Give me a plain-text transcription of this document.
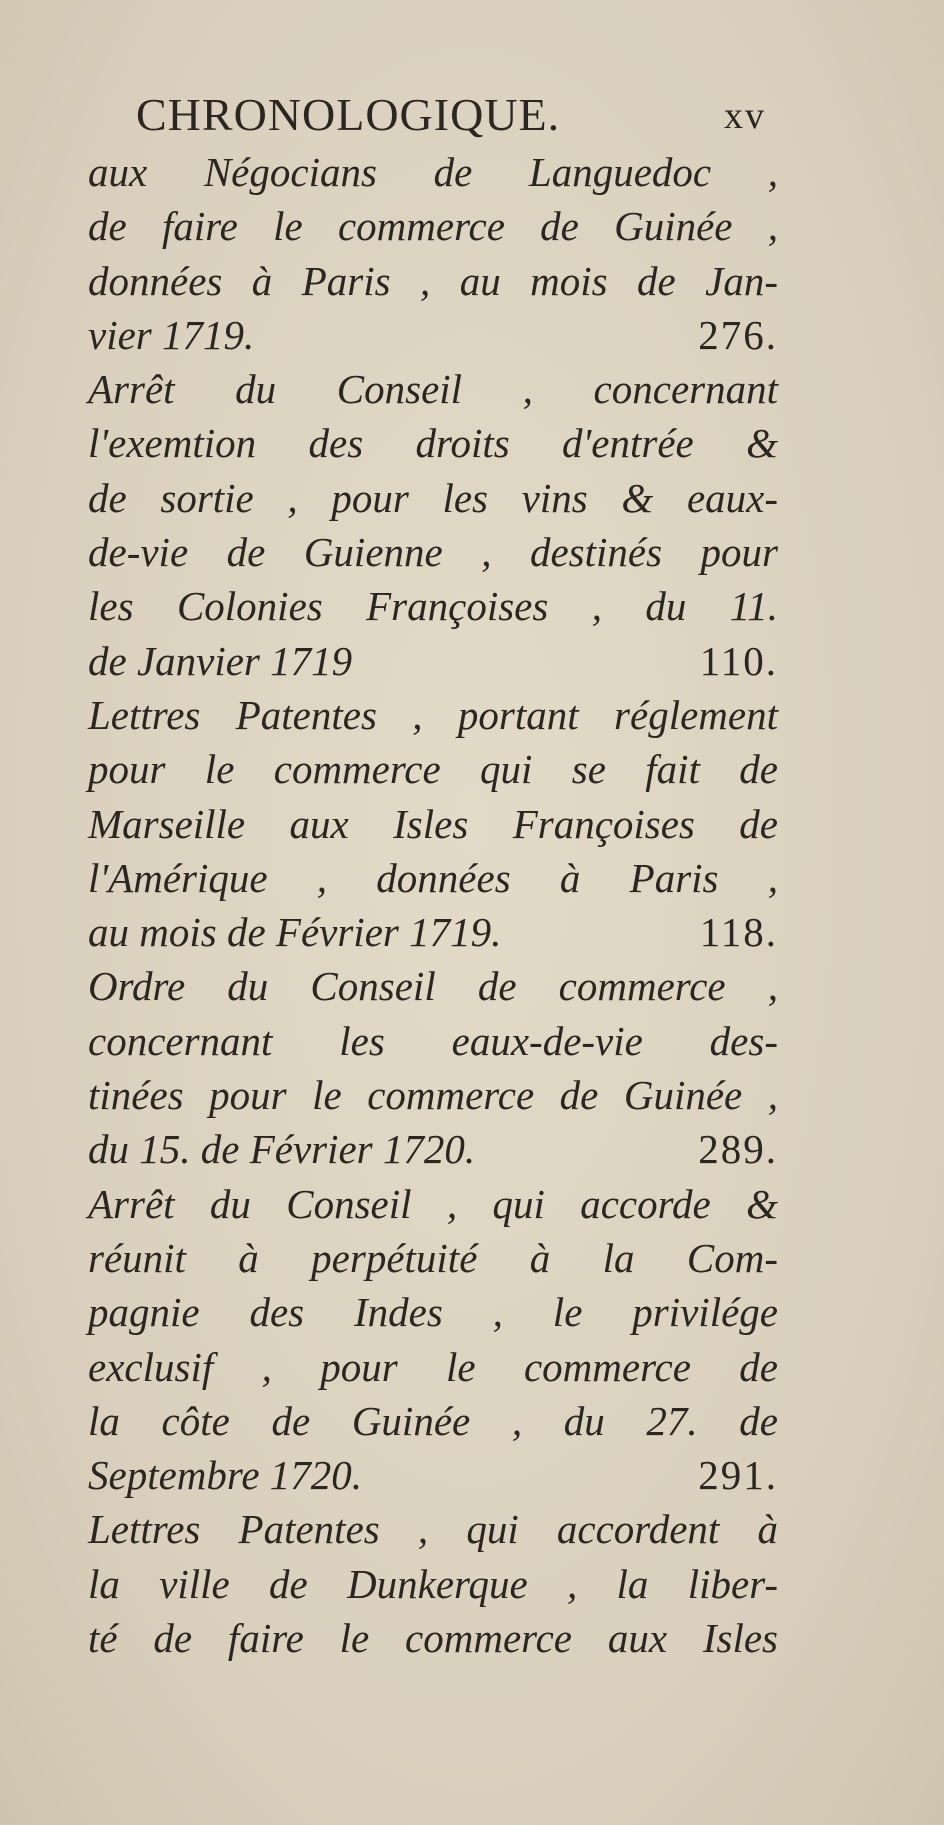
CHRONOLOGIQUE.	xv
aux Négocians de Languedoc ,
de faire le commerce de Guinée ,
données à Paris , au mois de Jan-
vier 1719.	276.
Arrêt du Conseil , concernant
l'exemtion des droits d'entrée &
de sortie , pour les vins & eaux-
de-vie de Guienne , destinés pour
les Colonies Françoises , du 11.
de Janvier 1719	110.
Lettres Patentes , portant réglement
pour le commerce qui se fait de
Marseille aux Isles Françoises de
l'Amérique , données à Paris ,
au mois de Février 1719.	118.
Ordre du Conseil de commerce ,
concernant les eaux-de-vie des-
tinées pour le commerce de Guinée ,
du 15. de Février 1720.	289.
Arrêt du Conseil , qui accorde &
réunit à perpétuité à la Com-
pagnie des Indes , le privilége
exclusif , pour le commerce de
la côte de Guinée , du 27. de
Septembre 1720.	291.
Lettres Patentes , qui accordent à
la ville de Dunkerque , la liber-
té de faire le commerce aux Isles
